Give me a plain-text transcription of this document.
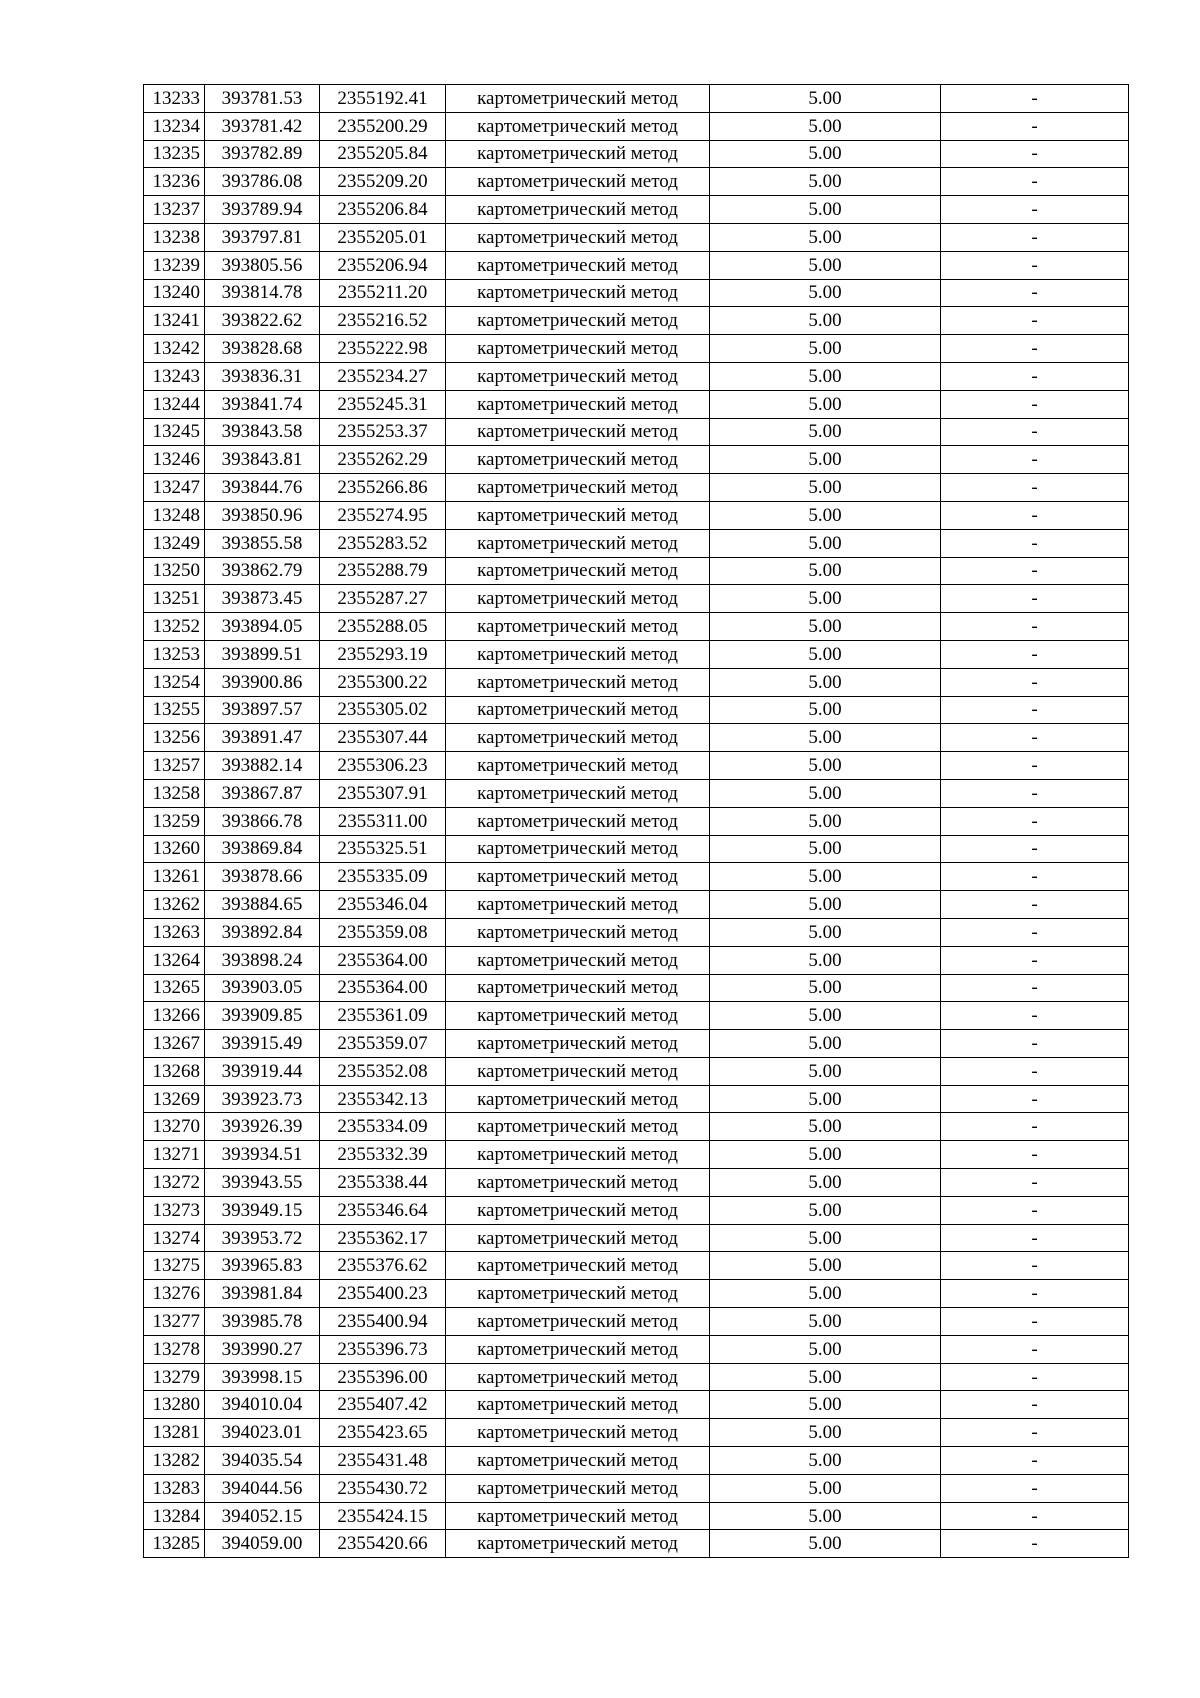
13233	393781.53	2355192.41	картометрический метод	5.00	-
13234	393781.42	2355200.29	картометрический метод	5.00	-
13235	393782.89	2355205.84	картометрический метод	5.00	-
13236	393786.08	2355209.20	картометрический метод	5.00	-
13237	393789.94	2355206.84	картометрический метод	5.00	-
13238	393797.81	2355205.01	картометрический метод	5.00	-
13239	393805.56	2355206.94	картометрический метод	5.00	-
13240	393814.78	2355211.20	картометрический метод	5.00	-
13241	393822.62	2355216.52	картометрический метод	5.00	-
13242	393828.68	2355222.98	картометрический метод	5.00	-
13243	393836.31	2355234.27	картометрический метод	5.00	-
13244	393841.74	2355245.31	картометрический метод	5.00	-
13245	393843.58	2355253.37	картометрический метод	5.00	-
13246	393843.81	2355262.29	картометрический метод	5.00	-
13247	393844.76	2355266.86	картометрический метод	5.00	-
13248	393850.96	2355274.95	картометрический метод	5.00	-
13249	393855.58	2355283.52	картометрический метод	5.00	-
13250	393862.79	2355288.79	картометрический метод	5.00	-
13251	393873.45	2355287.27	картометрический метод	5.00	-
13252	393894.05	2355288.05	картометрический метод	5.00	-
13253	393899.51	2355293.19	картометрический метод	5.00	-
13254	393900.86	2355300.22	картометрический метод	5.00	-
13255	393897.57	2355305.02	картометрический метод	5.00	-
13256	393891.47	2355307.44	картометрический метод	5.00	-
13257	393882.14	2355306.23	картометрический метод	5.00	-
13258	393867.87	2355307.91	картометрический метод	5.00	-
13259	393866.78	2355311.00	картометрический метод	5.00	-
13260	393869.84	2355325.51	картометрический метод	5.00	-
13261	393878.66	2355335.09	картометрический метод	5.00	-
13262	393884.65	2355346.04	картометрический метод	5.00	-
13263	393892.84	2355359.08	картометрический метод	5.00	-
13264	393898.24	2355364.00	картометрический метод	5.00	-
13265	393903.05	2355364.00	картометрический метод	5.00	-
13266	393909.85	2355361.09	картометрический метод	5.00	-
13267	393915.49	2355359.07	картометрический метод	5.00	-
13268	393919.44	2355352.08	картометрический метод	5.00	-
13269	393923.73	2355342.13	картометрический метод	5.00	-
13270	393926.39	2355334.09	картометрический метод	5.00	-
13271	393934.51	2355332.39	картометрический метод	5.00	-
13272	393943.55	2355338.44	картометрический метод	5.00	-
13273	393949.15	2355346.64	картометрический метод	5.00	-
13274	393953.72	2355362.17	картометрический метод	5.00	-
13275	393965.83	2355376.62	картометрический метод	5.00	-
13276	393981.84	2355400.23	картометрический метод	5.00	-
13277	393985.78	2355400.94	картометрический метод	5.00	-
13278	393990.27	2355396.73	картометрический метод	5.00	-
13279	393998.15	2355396.00	картометрический метод	5.00	-
13280	394010.04	2355407.42	картометрический метод	5.00	-
13281	394023.01	2355423.65	картометрический метод	5.00	-
13282	394035.54	2355431.48	картометрический метод	5.00	-
13283	394044.56	2355430.72	картометрический метод	5.00	-
13284	394052.15	2355424.15	картометрический метод	5.00	-
13285	394059.00	2355420.66	картометрический метод	5.00	-
